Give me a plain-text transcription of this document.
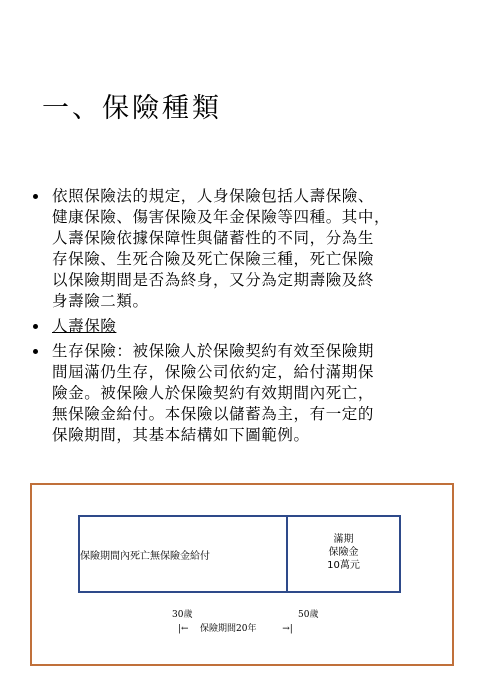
一、保險種類
依照保險法的規定，人身保險包括人壽保險、
健康保險、傷害保險及年金保險等四種。其中，
人壽保險依據保障性與儲蓄性的不同，分為生
存保險、生死合險及死亡保險三種，死亡保險
以保險期間是否為終身，又分為定期壽險及終
身壽險二類。
人壽保險
生存保險：被保險人於保險契約有效至保險期
間屆滿仍生存，保險公司依約定，給付滿期保
險金。被保險人於保險契約有效期間內死亡，
無保險金給付。本保險以儲蓄為主，有一定的
保險期間，其基本結構如下圖範例。
保險期間內死亡無保險金給付
滿期
保險金
10萬元
30歲	50歲
|←    保險期間20年         →|
